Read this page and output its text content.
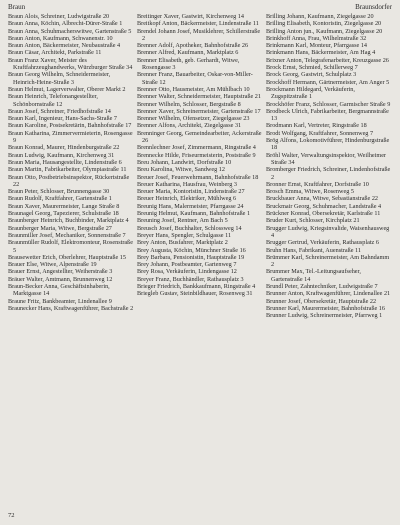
Braun	Braunsdorfer
Braun Alois, Schreiner, Ludwigstraße 20
Braun Anna, Köchin, Albrecht-Dürer-Straße 1
Braun Anna, Schuhmacherswitwe, Gartenstraße 5
Braun Anton, Kaufmann, Schwanenstr. 10
Braun Anton, Bäckermeister, Neubaustraße 4
Braun Cäsar, Architekt, Parkstraße 11
Braun Franz Xaver, Meister des Kraftfahrzeughandwerks, Würzburger Straße 34
Braun Georg Wilhelm, Schneidermeister, Heinrich-Heine-Straße 3
Braun Helmut, Lagerverwalter, Oberer Markt 2
Braun Heinrich, Telefonangestellter, Schönbornstraße 12
Braun Josef, Schreiner, Friedhofstraße 14
Braun Karl, Ingenieur, Hans-Sachs-Straße 7
Braun Karoline, Postsekretärin, Bahnhofstraße 17
Braun Katharina, Zimmervermieterin, Rosengasse 9
Braun Konrad, Maurer, Hindenburgstraße 22
Braun Ludwig, Kaufmann, Kirchenweg 31
Braun Maria, Hausangestellte, Lindenstraße 6
Braun Martin, Fabrikarbeiter, Olympiastraße 11
Braun Otto, Postbetriebsinspektor, Rückertstraße 22
Braun Peter, Schlosser, Brunnengasse 30
Braun Rudolf, Kraftfahrer, Gartenstraße 1
Braun Xaver, Maurermeister, Lange Straße 8
Braunagel Georg, Tapezierer, Schulstraße 18
Braunberger Heinrich, Buchbinder, Marktplatz 4
Braunberger Maria, Witwe, Bergstraße 27
Braunmiller Josef, Mechaniker, Sonnenstraße 7
Braunmüller Rudolf, Elektromonteur, Rosenstraße 5
Brausewetter Erich, Oberlehrer, Hauptstraße 15
Brauer Else, Witwe, Alpenstraße 19
Brauer Ernst, Angestellter, Weiherstraße 3
Bräuer Walter, Amtmann, Brunnenweg 12
Braun-Becker Anna, Geschäftsinhaberin, Marktgasse 14
Braune Fritz, Bankbeamter, Lindenallee 9
Braunecker Hans, Kraftwagenführer, Bachstraße 2
Breitinger Xaver, Gastwirt, Kirchenweg 14
Breitkopf Anton, Bäckermeister, Lindenstraße 11
Brendel Johann Josef, Musiklehrer, Schillerstraße 2
Brenner Adolf, Apotheker, Bahnhofstraße 26
Brenner Alfred, Kaufmann, Marktplatz 6
Brenner Elisabeth, geb. Gerhardt, Witwe, Rosengasse 3
Brenner Franz, Bauarbeiter, Oskar-von-Miller-Straße 12
Brenner Otto, Hausmeister, Am Mühlbach 10
Brenner Walter, Schneidermeister, Hauptstraße 21
Brenner Wilhelm, Schlosser, Bergstraße 8
Brenner Xaver, Schreinermeister, Gartenstraße 17
Brenner Wilhelm, Ofensetzer, Ziegelgasse 23
Brenner Alfons, Architekt, Ziegelgasse 31
Brenninger Georg, Gemeindearbeiter, Ackerstraße 26
Brennlechner Josef, Zimmermann, Ringstraße 4
Brennecke Hilde, Friseurmeisterin, Poststraße 9
Breu Johann, Landwirt, Dorfstraße 10
Breu Karolina, Witwe, Sandweg 12
Breuer Josef, Feuerwehrmann, Bahnhofstraße 18
Breuer Katharina, Hausfrau, Weinberg 3
Breuer Maria, Kontoristin, Lindenstraße 27
Breuer Heinrich, Elektriker, Mühlweg 6
Breunig Hans, Malermeister, Pfarrgasse 24
Breunig Helmut, Kaufmann, Bahnhofstraße 1
Breuning Josef, Rentner, Am Bach 5
Breusch Josef, Buchhalter, Schlossweg 14
Breyer Hans, Spengler, Schulgasse 11
Brey Anton, Busfahrer, Marktplatz 2
Brey Augusta, Köchin, Münchner Straße 16
Brey Barbara, Pensionistin, Hauptstraße 19
Brey Johann, Postbeamter, Gartenweg 7
Brey Rosa, Verkäuferin, Lindengasse 12
Breyer Franz, Buchhändler, Rathausplatz 3
Brieger Friedrich, Bankkaufmann, Ringstraße 4
Briegleb Gustav, Steinbildhauer, Rosenweg 31
Brilling Johann, Kaufmann, Ziegelgasse 20
Brilling Elisabeth, Kontoristin, Ziegelgasse 20
Brilling Anton jun., Kaufmann, Ziegelgasse 20
Brinkhoff Anna, Frau, Wilhelmstraße 32
Brinkmann Karl, Monteur, Pfarrgasse 14
Brinkmann Hans, Bäckermeister, Am Hag 4
Brixner Anton, Telegrafenarbeiter, Kreuzgasse 26
Brock Ernst, Schmied, Schillerweg 7
Brock Georg, Gastwirt, Schulplatz 3
Brockhoff Hermann, Gärtnermeister, Am Anger 5
Brockmann Hildegard, Verkäuferin, Zugspitzstraße 1
Brockhöfer Franz, Schlosser, Garmischer Straße 9
Brodbeck Ulrich, Fabrikarbeiter, Bergmannstraße 13
Brodmann Karl, Vertreter, Ringstraße 18
Brodt Wolfgang, Kraftfahrer, Sonnenweg 7
Brög Alfons, Lokomotivführer, Hindenburgstraße 18
Bröhl Walter, Verwaltungsinspektor, Weilheimer Straße 34
Bromberger Friedrich, Schreiner, Lindenhofstraße 2
Bronner Ernst, Kraftfahrer, Dorfstraße 10
Brosch Emma, Witwe, Rosenweg 5
Bruckbauer Anna, Witwe, Sebastianstraße 22
Bruckmair Georg, Schuhmacher, Landstraße 4
Brückner Konrad, Obersekretär, Karlstraße 11
Bruder Kurt, Schlosser, Kirchplatz 21
Brugger Ludwig, Kriegsinvalide, Waisenhausweg 4
Brugger Gertrud, Verkäuferin, Rathausplatz 6
Bruhn Hans, Fabrikant, Auenstraße 11
Brümmer Karl, Schreinermeister, Am Bahndamm 2
Brummer Max, Tel.-Leitungsaufseher, Gartenstraße 14
Brundl Peter, Zahntechniker, Ludwigstraße 7
Brunner Anton, Kraftwagenführer, Lindenallee 21
Brunner Josef, Obersekretär, Hauptstraße 22
Brunner Karl, Maurermeister, Bahnhofstraße 16
Brunner Ludwig, Schreinermeister, Pfarrweg 1
72
